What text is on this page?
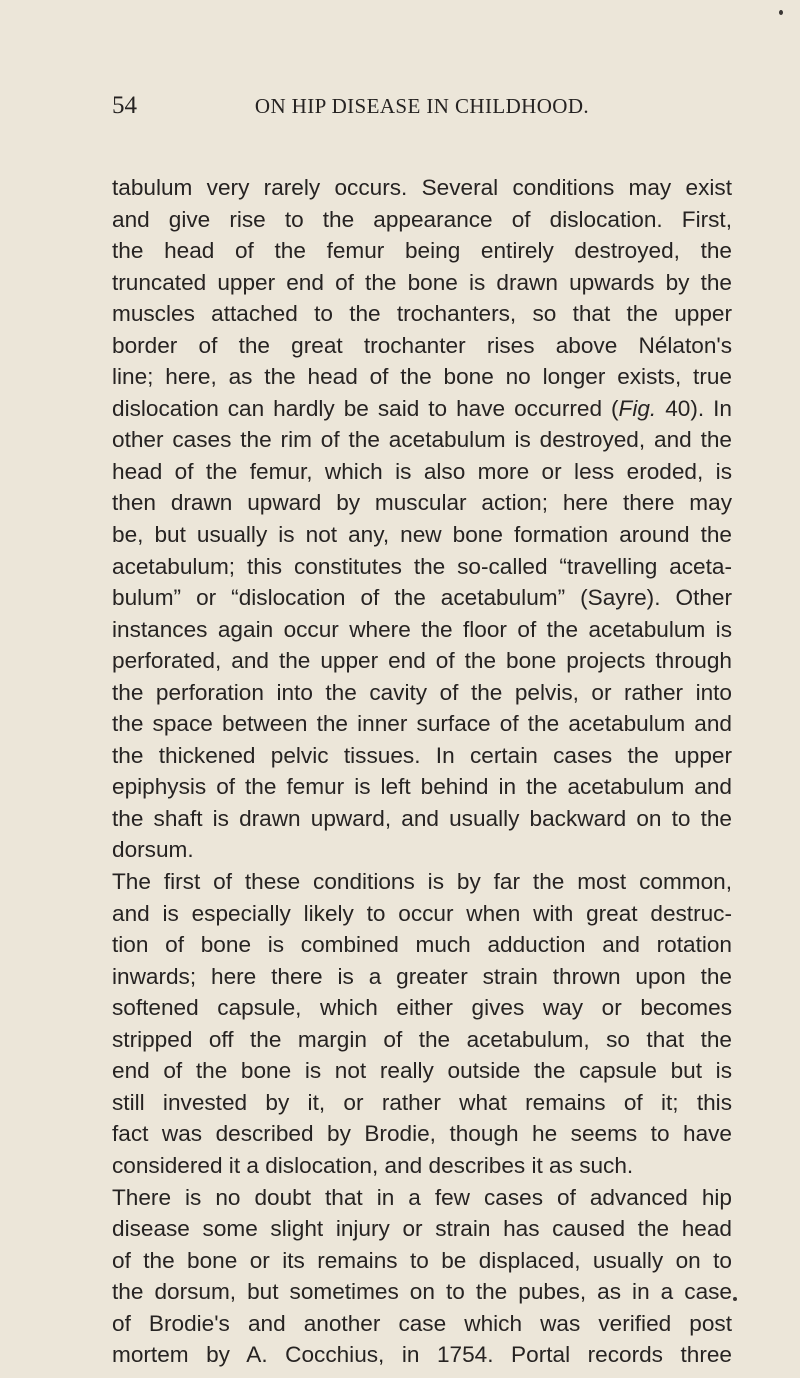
54	ON HIP DISEASE IN CHILDHOOD.
tabulum very rarely occurs. Several conditions may exist
and give rise to the appearance of dislocation. First,
the head of the femur being entirely destroyed, the
truncated upper end of the bone is drawn upwards by the
muscles attached to the trochanters, so that the upper
border of the great trochanter rises above Nélaton's
line; here, as the head of the bone no longer exists, true
dislocation can hardly be said to have occurred (Fig. 40). In
other cases the rim of the acetabulum is destroyed, and the
head of the femur, which is also more or less eroded, is
then drawn upward by muscular action; here there may
be, but usually is not any, new bone formation around the
acetabulum; this constitutes the so-called “travelling aceta-
bulum” or “dislocation of the acetabulum” (Sayre). Other
instances again occur where the floor of the acetabulum is
perforated, and the upper end of the bone projects through
the perforation into the cavity of the pelvis, or rather into
the space between the inner surface of the acetabulum and
the thickened pelvic tissues. In certain cases the upper
epiphysis of the femur is left behind in the acetabulum and
the shaft is drawn upward, and usually backward on to the
dorsum.
The first of these conditions is by far the most common,
and is especially likely to occur when with great destruc-
tion of bone is combined much adduction and rotation
inwards; here there is a greater strain thrown upon the
softened capsule, which either gives way or becomes
stripped off the margin of the acetabulum, so that the
end of the bone is not really outside the capsule but is
still invested by it, or rather what remains of it; this
fact was described by Brodie, though he seems to have
considered it a dislocation, and describes it as such.
There is no doubt that in a few cases of advanced hip
disease some slight injury or strain has caused the head
of the bone or its remains to be displaced, usually on to
the dorsum, but sometimes on to the pubes, as in a case
of Brodie's and another case which was verified post
mortem by A. Cocchius, in 1754. Portal records three
